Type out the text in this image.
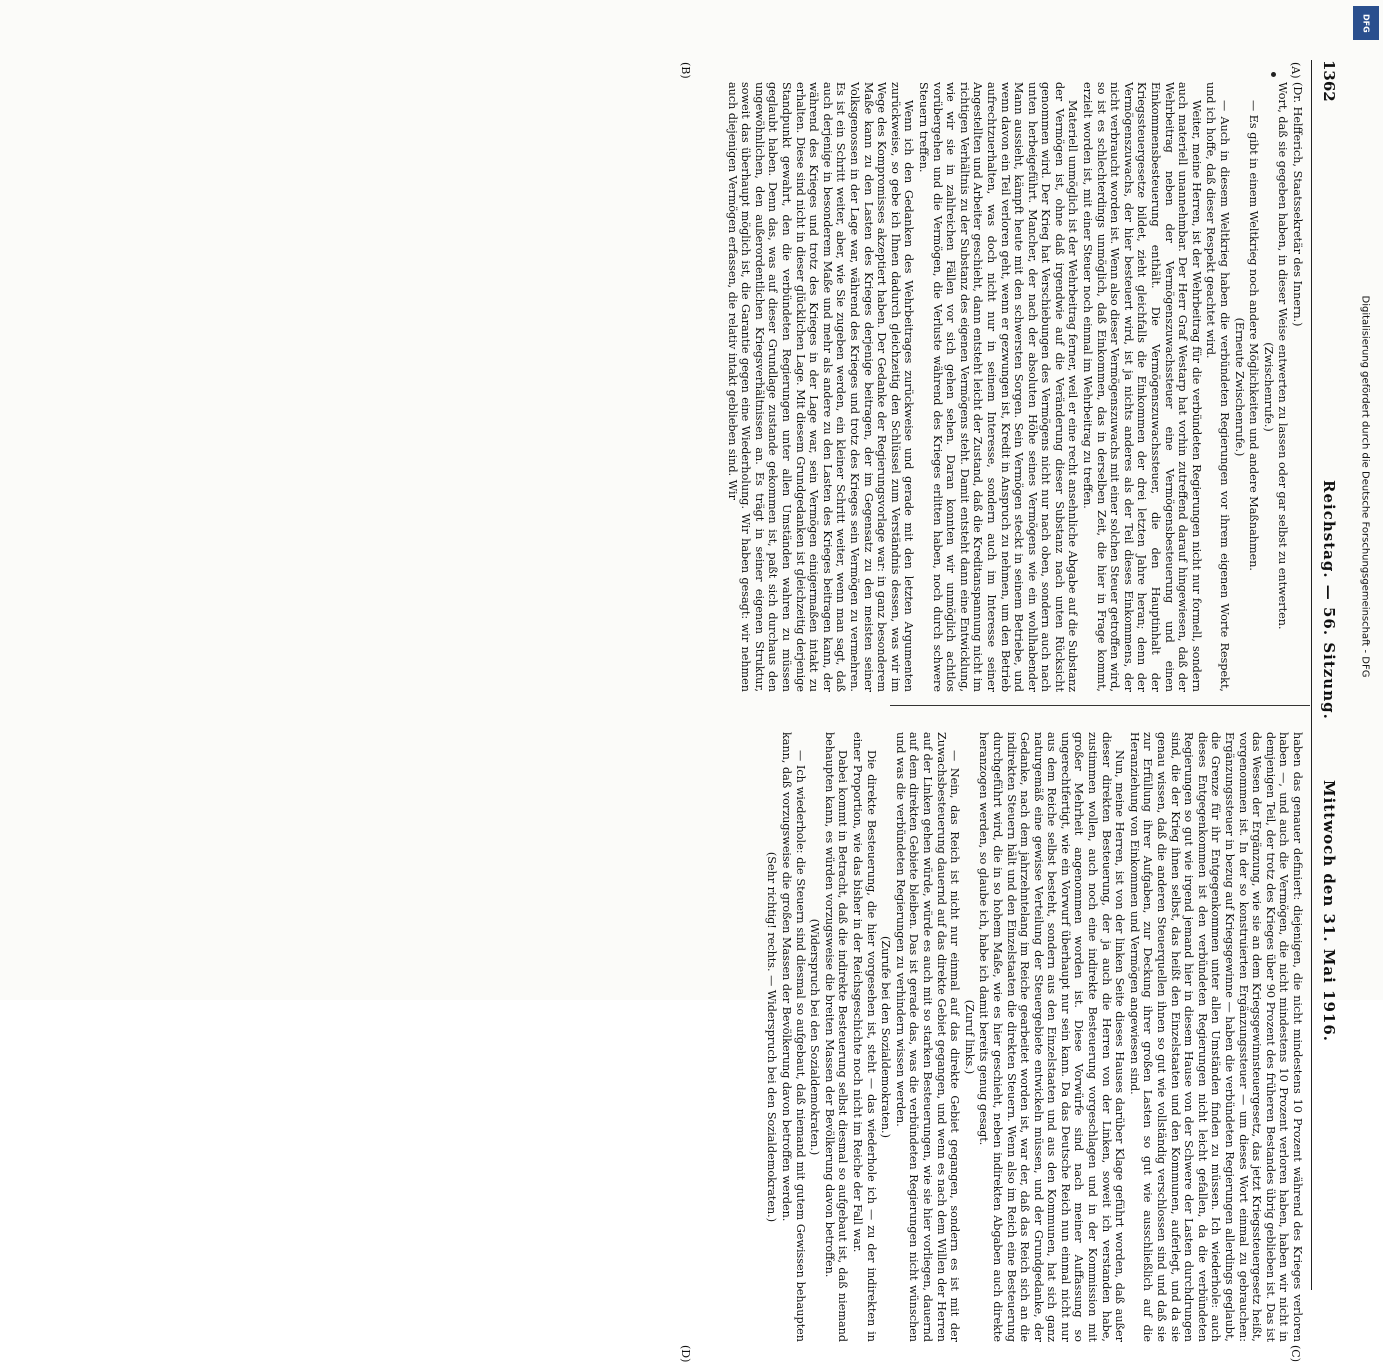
1362
Reichstag. — 56. Sitzung.
Mittwoch den 31. Mai 1916.
(A)
(B)
(C)
(D)

(Dr. Helfferich, Staatssekretär des Innern.)

Wort, daß sie gegeben haben, in dieser Weise entwerten zu lassen oder gar selbst zu entwerten.

(Zwischenrufe.)

— Es gibt in einem Weltkrieg noch andere Möglichkeiten und andere Maßnahmen.

(Erneute Zwischenrufe.)

— Auch in diesem Weltkrieg haben die verbündeten Regierungen vor ihrem eigenen Worte Respekt, und ich hoffe, daß dieser Respekt geachtet wird.

Weiter, meine Herren, ist der Wehrbeitrag für die verbündeten Regierungen nicht nur formell, sondern auch materiell unannehmbar. Der Herr Graf Westarp hat vorhin zutreffend darauf hingewiesen, daß der Wehrbeitrag neben der Vermögenszuwachssteuer eine Vermögensbesteuerung und einen Einkommensbesteuerung enthält. Die Vermögenszuwachssteuer, die den Hauptinhalt der Kriegssteuergesetze bildet, zieht gleichfalls die Einkommen der drei letzten Jahre heran; denn der Vermögenszuwachs, der hier besteuert wird, ist ja nichts anderes als der Teil dieses Einkommens, der nicht verbraucht worden ist. Wenn also dieser Vermögenszuwachs mit einer solchen Steuer getroffen wird, so ist es schlechterdings unmöglich, daß Einkommen, das in derselben Zeit, die hier in Frage kommt, erzielt worden ist, mit einer Steuer noch einmal im Wehrbeitrag zu treffen.

Materiell unmöglich ist der Wehrbeitrag ferner, weil er eine recht ansehnliche Abgabe auf die Substanz der Vermögen ist, ohne daß irgendwie auf die Veränderung dieser Substanz nach unten Rücksicht genommen wird. Der Krieg hat Verschiebungen des Vermögens nicht nur nach oben, sondern auch nach unten herbeigeführt. Mancher, der nach der absoluten Höhe seines Vermögens wie ein wohlhabender Mann aussieht, kämpft heute mit den schwersten Sorgen. Sein Vermögen steckt in seinem Betriebe, und wenn davon ein Teil verloren geht, wenn er gezwungen ist, Kredit in Anspruch zu nehmen, um den Betrieb aufrechtzuerhalten, was doch nicht nur in seinem Interesse, sondern auch im Interesse seiner Angestellten und Arbeiter geschieht, dann entsteht leicht der Zustand, daß die Kreditanspannung nicht im richtigen Verhältnis zu der Substanz des eigenen Vermögens steht. Damit entsteht dann eine Entwicklung, wie wir sie in zahlreichen Fällen vor sich gehen sehen. Daran konnten wir unmöglich achtlos vorübergehen und die Vermögen, die Verluste während des Krieges erlitten haben, noch durch schwere Steuern treffen.

Wenn ich den Gedanken des Wehrbeitrages zurückweise und gerade mit den letzten Argumenten zurückweise, so gebe ich Ihnen dadurch gleichzeitig den Schlüssel zum Verständnis dessen, was wir im Wege des Kompromisses akzeptiert haben. Der Gedanke der Regierungsvorlage war: in ganz besonderem Maße kann zu den Lasten des Krieges derjenige beitragen, der im Gegensatz zu den meisten seiner Volksgenossen in der Lage war, während des Krieges und trotz des Krieges sein Vermögen zu vermehren. Es ist ein Schritt weiter, aber, wie Sie zugeben werden, ein kleiner Schritt weiter, wenn man sagt, daß auch derjenige in besonderem Maße und mehr als andere zu den Lasten des Krieges beitragen kann, der während des Krieges und trotz des Krieges in der Lage war, sein Vermögen einigermaßen intakt zu erhalten. Diese sind nicht in dieser glücklichen Lage. Mit diesem Grundgedanken ist gleichzeitig derjenige Standpunkt gewahrt, den die verbündeten Regierungen unter allen Umständen wahren zu müssen geglaubt haben. Denn das, was auf dieser Grundlage zustande gekommen ist, paßt sich durchaus den ungewöhnlichen, den außerordentlichen Kriegsverhältnissen an. Es trägt in seiner eigenen Struktur, soweit das überhaupt möglich ist, die Garantie gegen eine Wiederholung. Wir haben gesagt: wir nehmen auch diejenigen Vermögen erfassen, die relativ intakt geblieben sind. Wir

haben das genauer definiert: diejenigen, die nicht mindestens 10 Prozent während des Krieges verloren haben —, und auch die Vermögen, die nicht mindestens 10 Prozent verloren haben, haben wir nicht in demjenigen Teil, der trotz des Krieges über 90 Prozent des früheren Bestandes übrig geblieben ist. Das ist das Wesen der Ergänzung, wie sie an dem Kriegsgewinnsteuergesetz, das jetzt Kriegssteuergesetz heißt, vorgenommen ist. In der so konstruierten Ergänzungssteuer — um dieses Wort einmal zu gebrauchen: Ergänzungssteuer in bezug auf Kriegsgewinne — haben die verbündeten Regierungen allerdings geglaubt, die Grenze für ihr Entgegenkommen unter allen Umständen finden zu müssen. Ich wiederhole: auch dieses Entgegenkommen ist den verbündeten Regierungen nicht leicht gefallen, da die verbündeten Regierungen so gut wie irgend jemand hier in diesem Hause von der Schwere der Lasten durchdrungen sind, die der Krieg ihnen selbst, das heißt den Einzelstaaten und den Kommunen, auferlegt, und da sie genau wissen, daß die anderen Steuerquellen ihnen so gut wie vollständig verschlossen sind und daß sie zur Erfüllung ihrer Aufgaben, zur Deckung ihrer großen Lasten so gut wie ausschließlich auf die Heranziehung von Einkommen und Vermögen angewiesen sind.

Nun, meine Herren, ist von der linken Seite dieses Hauses darüber Klage geführt worden, daß außer dieser direkten Besteuerung, der ja auch die Herren von der Linken, soweit ich verstanden habe, zustimmen wollen, auch noch eine indirekte Besteuerung vorgeschlagen und in der Kommission mit großer Mehrheit angenommen worden ist. Diese Vorwürfe sind nach meiner Auffassung so ungerechtfertigt, wie ein Vorwurf überhaupt nur sein kann. Da das Deutsche Reich nun einmal nicht nur aus dem Reiche selbst besteht, sondern aus den Einzelstaaten und aus den Kommunen, hat sich ganz naturgemäß eine gewisse Verteilung der Steuergebiete entwickeln müssen, und der Grundgedanke, der Gedanke, nach dem jahrzehntelang im Reiche gearbeitet worden ist, war der, daß das Reich sich an die indirekten Steuern hält und den Einzelstaaten die direkten Steuern. Wenn also im Reich eine Besteuerung durchgeführt wird, die in so hohem Maße, wie es hier geschieht, neben indirekten Abgaben auch direkte heranzogen werden, so glaube ich, habe ich damit bereits genug gesagt.

(Zuruf links.)

— Nein, das Reich ist nicht nur einmal auf das direkte Gebiet gegangen, sondern es ist mit der Zuwachsbesteuerung dauernd auf das direkte Gebiet gegangen, und wenn es nach dem Willen der Herren auf der Linken gehen würde, würde es auch mit so starken Besteuerungen, wie sie hier vorliegen, dauernd auf dem direkten Gebiete bleiben. Das ist gerade das, was die verbündeten Regierungen nicht wünschen und was die verbündeten Regierungen zu verhindern wissen werden.

(Zurufe bei den Sozialdemokraten.)

Die direkte Besteuerung, die hier vorgesehen ist, steht — das wiederhole ich — zu der indirekten in einer Proportion, wie das bisher in der Reichsgeschichte noch nicht im Reiche der Fall war.

Dabei kommt in Betracht, daß die indirekte Besteuerung selbst diesmal so aufgebaut ist, daß niemand behaupten kann, es würden vorzugsweise die breiten Massen der Bevölkerung davon betroffen.

(Widerspruch bei den Sozialdemokraten.)

— Ich wiederhole: die Steuern sind diesmal so aufgebaut, daß niemand mit gutem Gewissen behaupten kann, daß vorzugsweise die großen Massen der Bevölkerung davon betroffen werden.

(Sehr richtig! rechts. — Widerspruch bei den Sozialdemokraten.)

DFG
Digitalisierung gefördert durch die Deutsche Forschungsgemeinschaft - DFG
